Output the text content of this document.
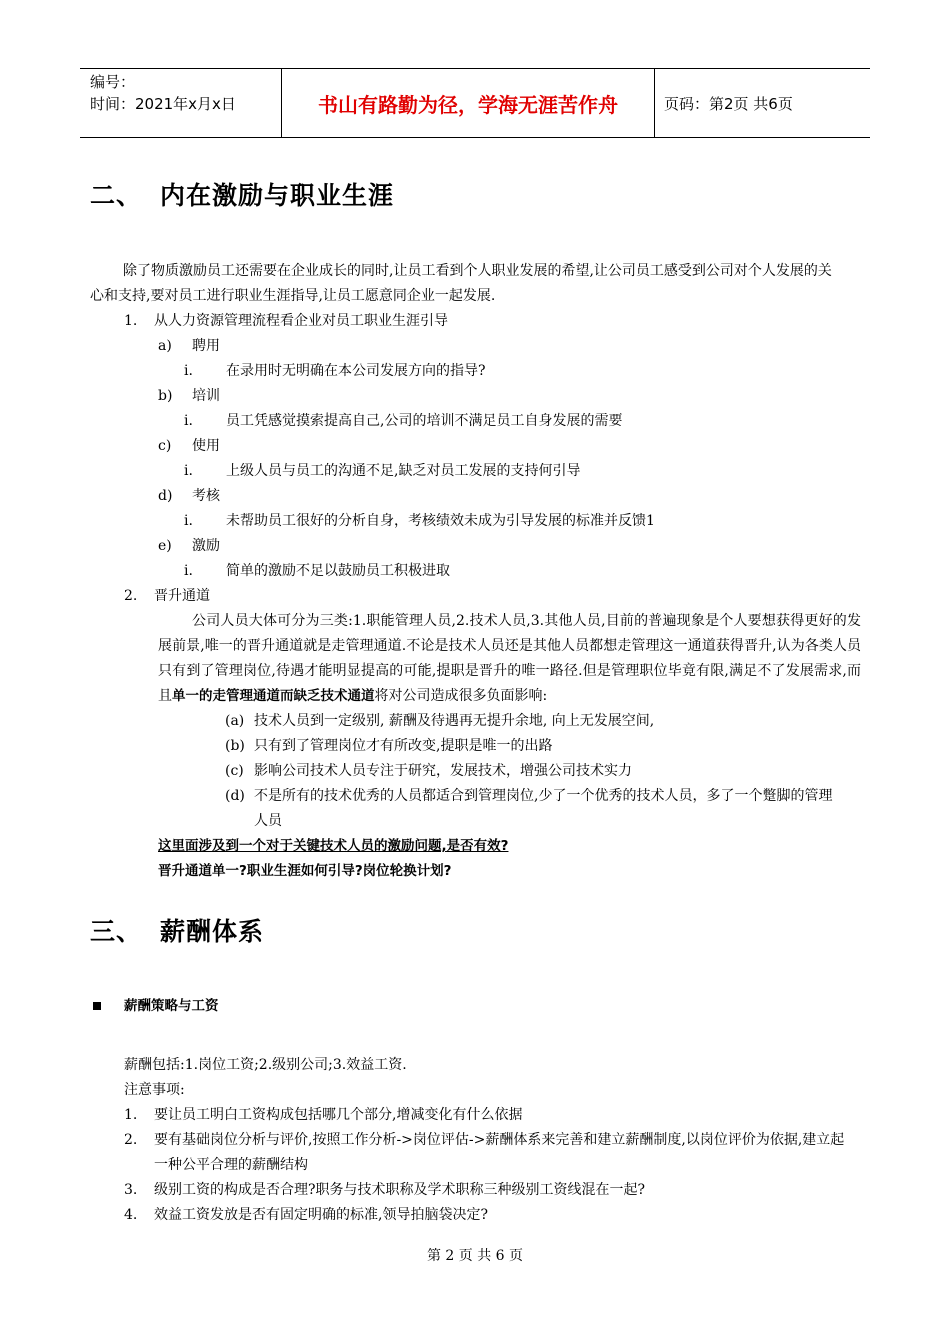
编号：
时间：2021年x月x日	书山有路勤为径，学海无涯苦作舟	页码：第2页 共6页
二、 内在激励与职业生涯
除了物质激励员工还需要在企业成长的同时,让员工看到个人职业发展的希望,让公司员工感受到公司对个人发展的关
心和支持,要对员工进行职业生涯指导,让员工愿意同企业一起发展.
1. 从人力资源管理流程看企业对员工职业生涯引导
a) 聘用
i. 在录用时无明确在本公司发展方向的指导?
b) 培训
i. 员工凭感觉摸索提高自己,公司的培训不满足员工自身发展的需要
c) 使用
i. 上级人员与员工的沟通不足,缺乏对员工发展的支持何引导
d) 考核
i. 未帮助员工很好的分析自身，考核绩效未成为引导发展的标准并反馈1
e) 激励
i. 简单的激励不足以鼓励员工积极进取
2. 晋升通道
公司人员大体可分为三类:1.职能管理人员,2.技术人员,3.其他人员,目前的普遍现象是个人要想获得更好的发展前景,唯一的晋升通道就是走管理通道.不论是技术人员还是其他人员都想走管理这一通道获得晋升,认为各类人员只有到了管理岗位,待遇才能明显提高的可能,提职是晋升的唯一路径.但是管理职位毕竟有限,满足不了发展需求,而且单一的走管理通道而缺乏技术通道将对公司造成很多负面影响:
(a) 技术人员到一定级别, 薪酬及待遇再无提升余地, 向上无发展空间,
(b) 只有到了管理岗位才有所改变,提职是唯一的出路
(c) 影响公司技术人员专注于研究，发展技术，增强公司技术实力
(d) 不是所有的技术优秀的人员都适合到管理岗位,少了一个优秀的技术人员，多了一个蹩脚的管理
人员
这里面涉及到一个对于关键技术人员的激励问题,是否有效?
晋升通道单一?职业生涯如何引导?岗位轮换计划?
三、 薪酬体系
薪酬策略与工资
薪酬包括:1.岗位工资;2.级别公司;3.效益工资.
注意事项:
1. 要让员工明白工资构成包括哪几个部分,增减变化有什么依据
2. 要有基础岗位分析与评价,按照工作分析->岗位评估->薪酬体系来完善和建立薪酬制度,以岗位评价为依据,建立起
一种公平合理的薪酬结构
3. 级别工资的构成是否合理?职务与技术职称及学术职称三种级别工资线混在一起?
4. 效益工资发放是否有固定明确的标准,领导拍脑袋决定?
第 2 页 共 6 页
